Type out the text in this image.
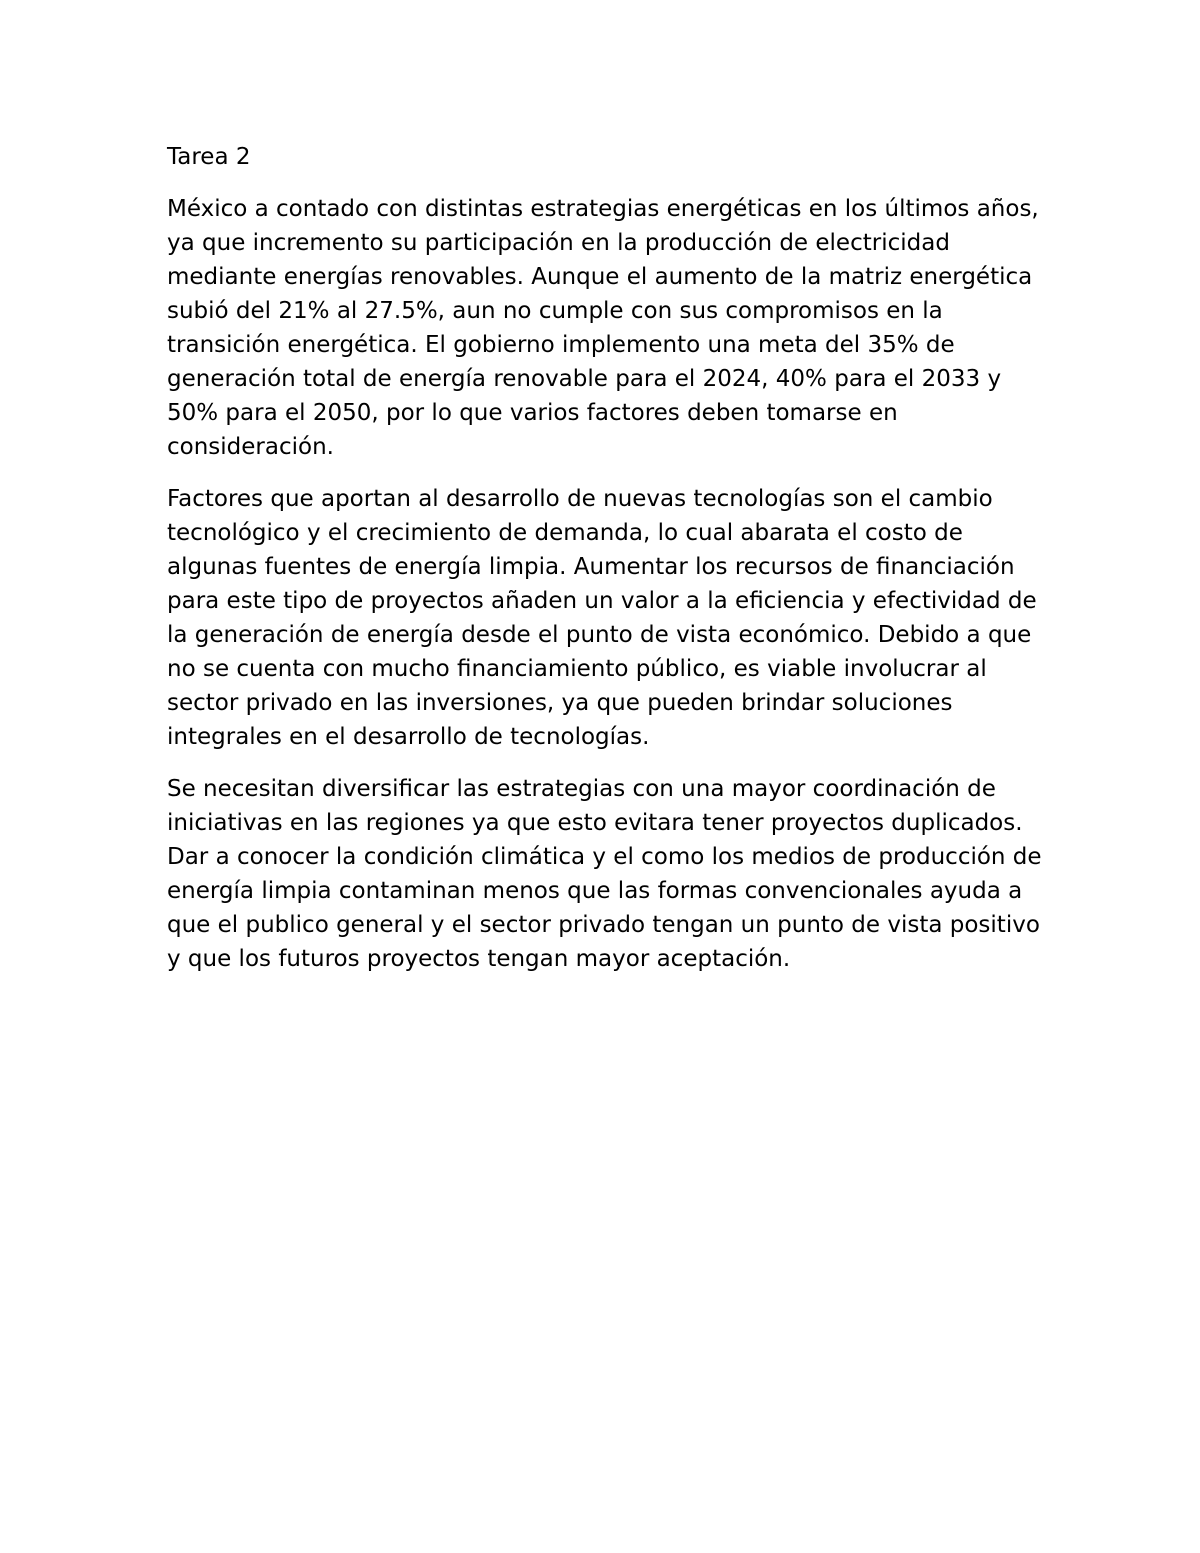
Tarea 2

México a contado con distintas estrategias energéticas en los últimos años, ya que incremento su participación en la producción de electricidad mediante energías renovables. Aunque el aumento de la matriz energética subió del 21% al 27.5%, aun no cumple con sus compromisos en la transición energética. El gobierno implemento una meta del 35% de generación total de energía renovable para el 2024, 40% para el 2033 y 50% para el 2050, por lo que varios factores deben tomarse en consideración.

Factores que aportan al desarrollo de nuevas tecnologías son el cambio tecnológico y el crecimiento de demanda, lo cual abarata el costo de algunas fuentes de energía limpia. Aumentar los recursos de financiación para este tipo de proyectos añaden un valor a la eficiencia y efectividad de la generación de energía desde el punto de vista económico. Debido a que no se cuenta con mucho financiamiento público, es viable involucrar al sector privado en las inversiones, ya que pueden brindar soluciones integrales en el desarrollo de tecnologías.

Se necesitan diversificar las estrategias con una mayor coordinación de iniciativas en las regiones ya que esto evitara tener proyectos duplicados. Dar a conocer la condición climática y el como los medios de producción de energía limpia contaminan menos que las formas convencionales ayuda a que el publico general y el sector privado tengan un punto de vista positivo y que los futuros proyectos tengan mayor aceptación.
